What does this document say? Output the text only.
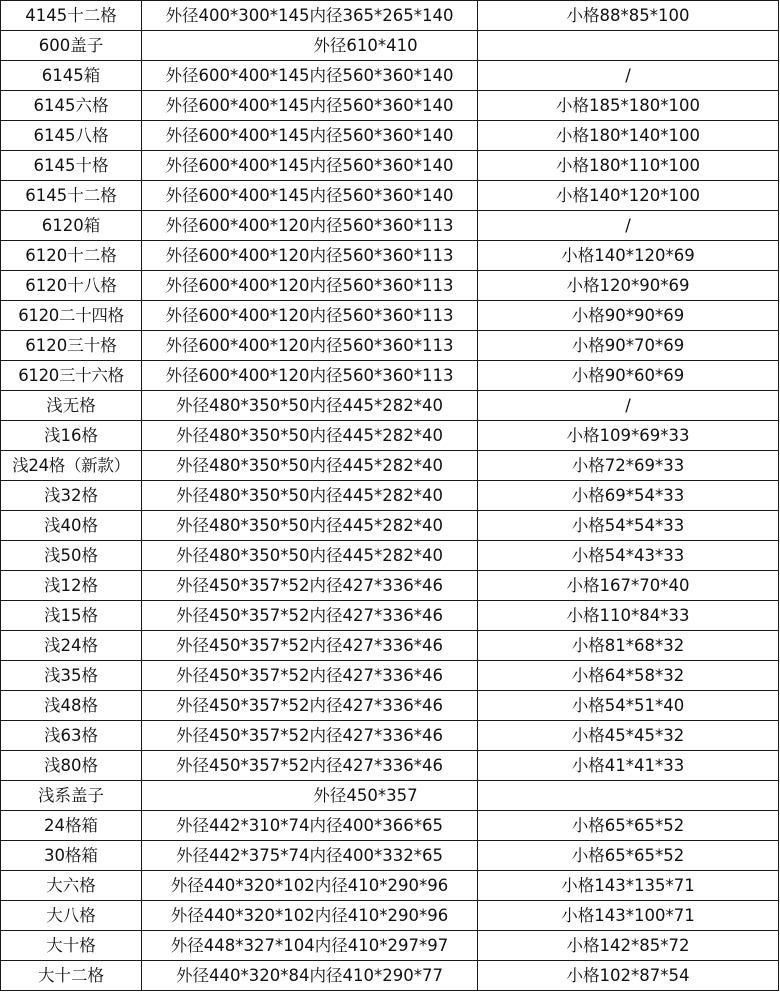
4145十二格	外径400*300*145内径365*265*140	小格88*85*100
600盖子	外径610*410	
6145箱	外径600*400*145内径560*360*140	/
6145六格	外径600*400*145内径560*360*140	小格185*180*100
6145八格	外径600*400*145内径560*360*140	小格180*140*100
6145十格	外径600*400*145内径560*360*140	小格180*110*100
6145十二格	外径600*400*145内径560*360*140	小格140*120*100
6120箱	外径600*400*120内径560*360*113	/
6120十二格	外径600*400*120内径560*360*113	小格140*120*69
6120十八格	外径600*400*120内径560*360*113	小格120*90*69
6120二十四格	外径600*400*120内径560*360*113	小格90*90*69
6120三十格	外径600*400*120内径560*360*113	小格90*70*69
6120三十六格	外径600*400*120内径560*360*113	小格90*60*69
浅无格	外径480*350*50内径445*282*40	/
浅16格	外径480*350*50内径445*282*40	小格109*69*33
浅24格（新款）	外径480*350*50内径445*282*40	小格72*69*33
浅32格	外径480*350*50内径445*282*40	小格69*54*33
浅40格	外径480*350*50内径445*282*40	小格54*54*33
浅50格	外径480*350*50内径445*282*40	小格54*43*33
浅12格	外径450*357*52内径427*336*46	小格167*70*40
浅15格	外径450*357*52内径427*336*46	小格110*84*33
浅24格	外径450*357*52内径427*336*46	小格81*68*32
浅35格	外径450*357*52内径427*336*46	小格64*58*32
浅48格	外径450*357*52内径427*336*46	小格54*51*40
浅63格	外径450*357*52内径427*336*46	小格45*45*32
浅80格	外径450*357*52内径427*336*46	小格41*41*33
浅系盖子	外径450*357	
24格箱	外径442*310*74内径400*366*65	小格65*65*52
30格箱	外径442*375*74内径400*332*65	小格65*65*52
大六格	外径440*320*102内径410*290*96	小格143*135*71
大八格	外径440*320*102内径410*290*96	小格143*100*71
大十格	外径448*327*104内径410*297*97	小格142*85*72
大十二格	外径440*320*84内径410*290*77	小格102*87*54
